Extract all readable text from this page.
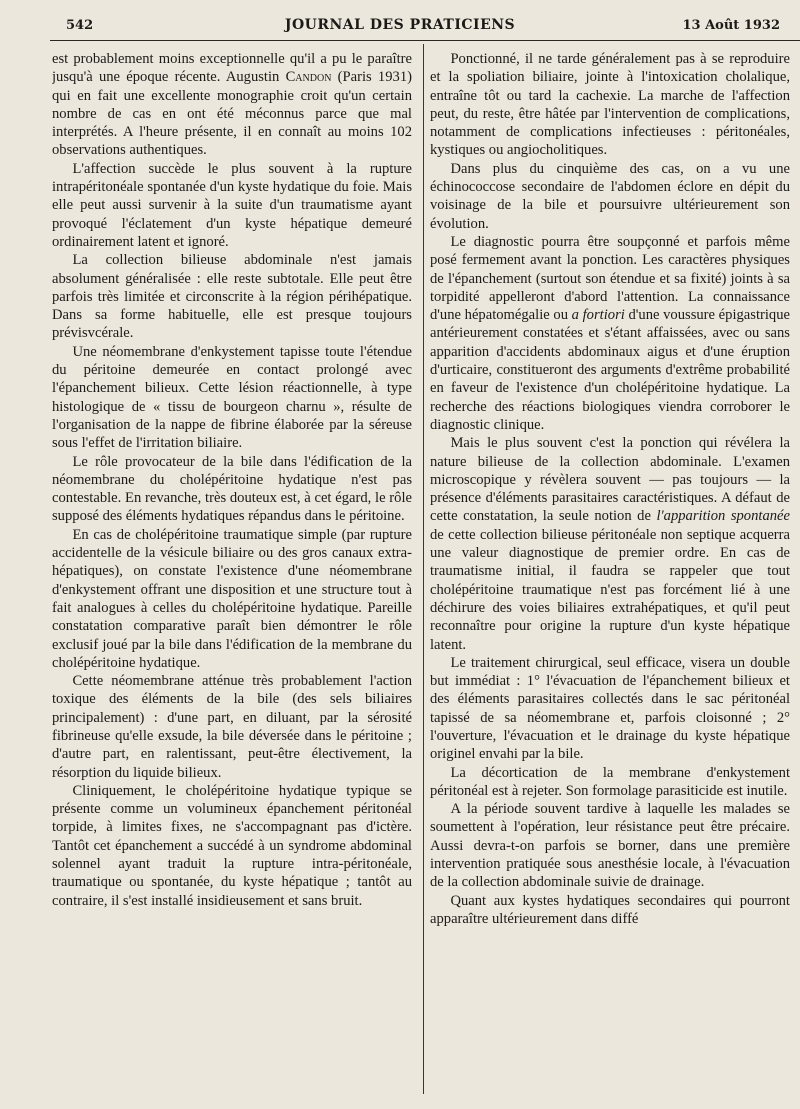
542	JOURNAL DES PRATICIENS	13 Août 1932

est probablement moins exceptionnelle qu'il a pu le paraître jusqu'à une époque récente. Augustin Candon (Paris 1931) qui en fait une excellente monographie croit qu'un certain nombre de cas en ont été méconnus parce que mal interprétés. A l'heure présente, il en connaît au moins 102 observations authentiques.

L'affection succède le plus souvent à la rupture intrapéritonéale spontanée d'un kyste hydatique du foie. Mais elle peut aussi survenir à la suite d'un traumatisme ayant provoqué l'éclatement d'un kyste hépatique demeuré ordinairement latent et ignoré.

La collection bilieuse abdominale n'est jamais absolument généralisée : elle reste subtotale. Elle peut être parfois très limitée et circonscrite à la région périhépatique. Dans sa forme habituelle, elle est presque toujours prévisvcérale.

Une néomembrane d'enkystement tapisse toute l'étendue du péritoine demeurée en contact prolongé avec l'épanchement bilieux. Cette lésion réactionnelle, à type histologique de « tissu de bourgeon charnu », résulte de l'organisation de la nappe de fibrine élaborée par la séreuse sous l'effet de l'irritation biliaire.

Le rôle provocateur de la bile dans l'édification de la néomembrane du cholépéritoine hydatique n'est pas contestable. En revanche, très douteux est, à cet égard, le rôle supposé des éléments hydatiques répandus dans le péritoine.

En cas de cholépéritoine traumatique simple (par rupture accidentelle de la vésicule biliaire ou des gros canaux extra-hépatiques), on constate l'existence d'une néomembrane d'enkystement offrant une disposition et une structure tout à fait analogues à celles du cholépéritoine hydatique. Pareille constatation comparative paraît bien démontrer le rôle exclusif joué par la bile dans l'édification de la membrane du cholépéritoine hydatique.

Cette néomembrane atténue très probablement l'action toxique des éléments de la bile (des sels biliaires principalement) : d'une part, en diluant, par la sérosité fibrineuse qu'elle exsude, la bile déversée dans le péritoine ; d'autre part, en ralentissant, peut-être électivement, la résorption du liquide bilieux.

Cliniquement, le cholépéritoine hydatique typique se présente comme un volumineux épanchement péritonéal torpide, à limites fixes, ne s'accompagnant pas d'ictère. Tantôt cet épanchement a succédé à un syndrome abdominal solennel ayant traduit la rupture intra-péritonéale, traumatique ou spontanée, du kyste hépatique ; tantôt au contraire, il s'est installé insidieusement et sans bruit.

Ponctionné, il ne tarde généralement pas à se reproduire et la spoliation biliaire, jointe à l'intoxication cholalique, entraîne tôt ou tard la cachexie. La marche de l'affection peut, du reste, être hâtée par l'intervention de complications, notamment de complications infectieuses : péritonéales, kystiques ou angiocholitiques.

Dans plus du cinquième des cas, on a vu une échinococcose secondaire de l'abdomen éclore en dépit du voisinage de la bile et poursuivre ultérieurement son évolution.

Le diagnostic pourra être soupçonné et parfois même posé fermement avant la ponction. Les caractères physiques de l'épanchement (surtout son étendue et sa fixité) joints à sa torpidité appelleront d'abord l'attention. La connaissance d'une hépatomégalie ou a fortiori d'une voussure épigastrique antérieurement constatées et s'étant affaissées, avec ou sans apparition d'accidents abdominaux aigus et d'une éruption d'urticaire, constitueront des arguments d'extrême probabilité en faveur de l'existence d'un cholépéritoine hydatique. La recherche des réactions biologiques viendra corroborer le diagnostic clinique.

Mais le plus souvent c'est la ponction qui révélera la nature bilieuse de la collection abdominale. L'examen microscopique y révèlera souvent — pas toujours — la présence d'éléments parasitaires caractéristiques. A défaut de cette constatation, la seule notion de l'apparition spontanée de cette collection bilieuse péritonéale non septique acquerra une valeur diagnostique de premier ordre. En cas de traumatisme initial, il faudra se rappeler que tout cholépéritoine traumatique n'est pas forcément lié à une déchirure des voies biliaires extrahépatiques, et qu'il peut reconnaître pour origine la rupture d'un kyste hépatique latent.

Le traitement chirurgical, seul efficace, visera un double but immédiat : 1° l'évacuation de l'épanchement bilieux et des éléments parasitaires collectés dans le sac péritonéal tapissé de sa néomembrane et, parfois cloisonné ; 2° l'ouverture, l'évacuation et le drainage du kyste hépatique originel envahi par la bile.

La décortication de la membrane d'enkystement péritonéal est à rejeter. Son formolage parasiticide est inutile.

A la période souvent tardive à laquelle les malades se soumettent à l'opération, leur résistance peut être précaire. Aussi devra-t-on parfois se borner, dans une première intervention pratiquée sous anesthésie locale, à l'évacuation de la collection abdominale suivie de drainage.

Quant aux kystes hydatiques secondaires qui pourront apparaître ultérieurement dans diffé
